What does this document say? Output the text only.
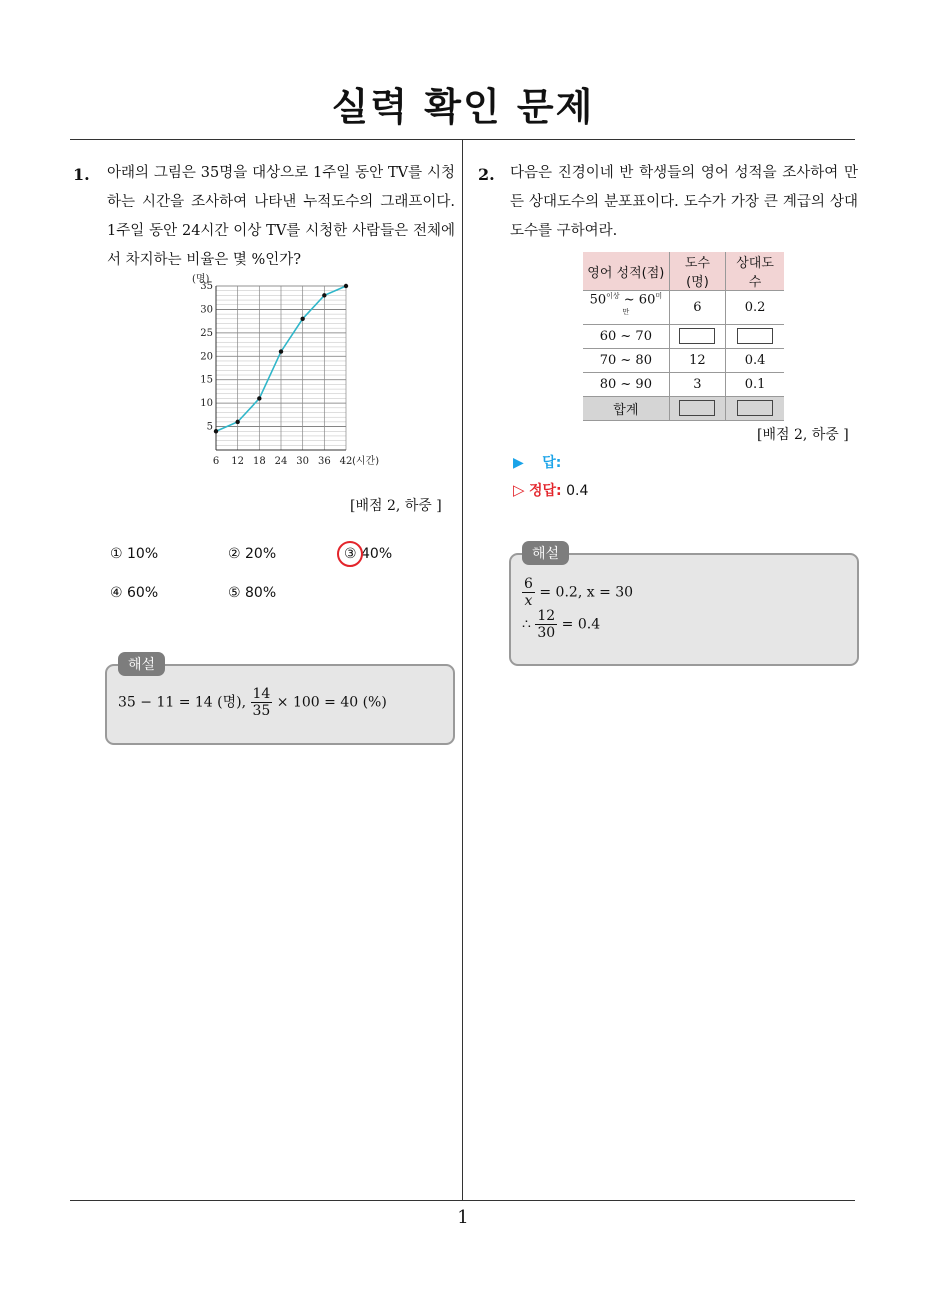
실력 확인 문제
1
1. 아래의 그림은 35명을 대상으로 1주일 동안 TV를 시청하는 시간을 조사하여 나타낸 누적도수의 그래프이다. 1주일 동안 24시간 이상 TV를 시청한 사람들은 전체에서 차지하는 비율은 몇 %인가?
5
10
15
20
25
30
35
6 12 18 24 30 36 42
(명)
(시간)
[배점 2, 하중 ]
① 10%	② 20%	③ 40%
④ 60%	⑤ 80%
해설
35 − 11 = 14 (명), $\frac{14}{35} \times 100 = 40$ (%)
2. 다음은 진경이네 반 학생들의 영어 성적을 조사하여 만든 상대도수의 분포표이다. 도수가 가장 큰 계급의 상대도수를 구하여라.
영어 성적(점)	도수(명)	상대도수
$50^{이상}$ ~ $60^{미만}$	6	0.2
60 ~ 70		
70 ~ 80	12	0.4
80 ~ 90	3	0.1
합계		
[배점 2, 하중 ]
▶ 답:
▷ 정답: 0.4
해설
$\frac{6}{x} = 0.2$, x = 30
∴ $\frac{12}{30} = 0.4$
